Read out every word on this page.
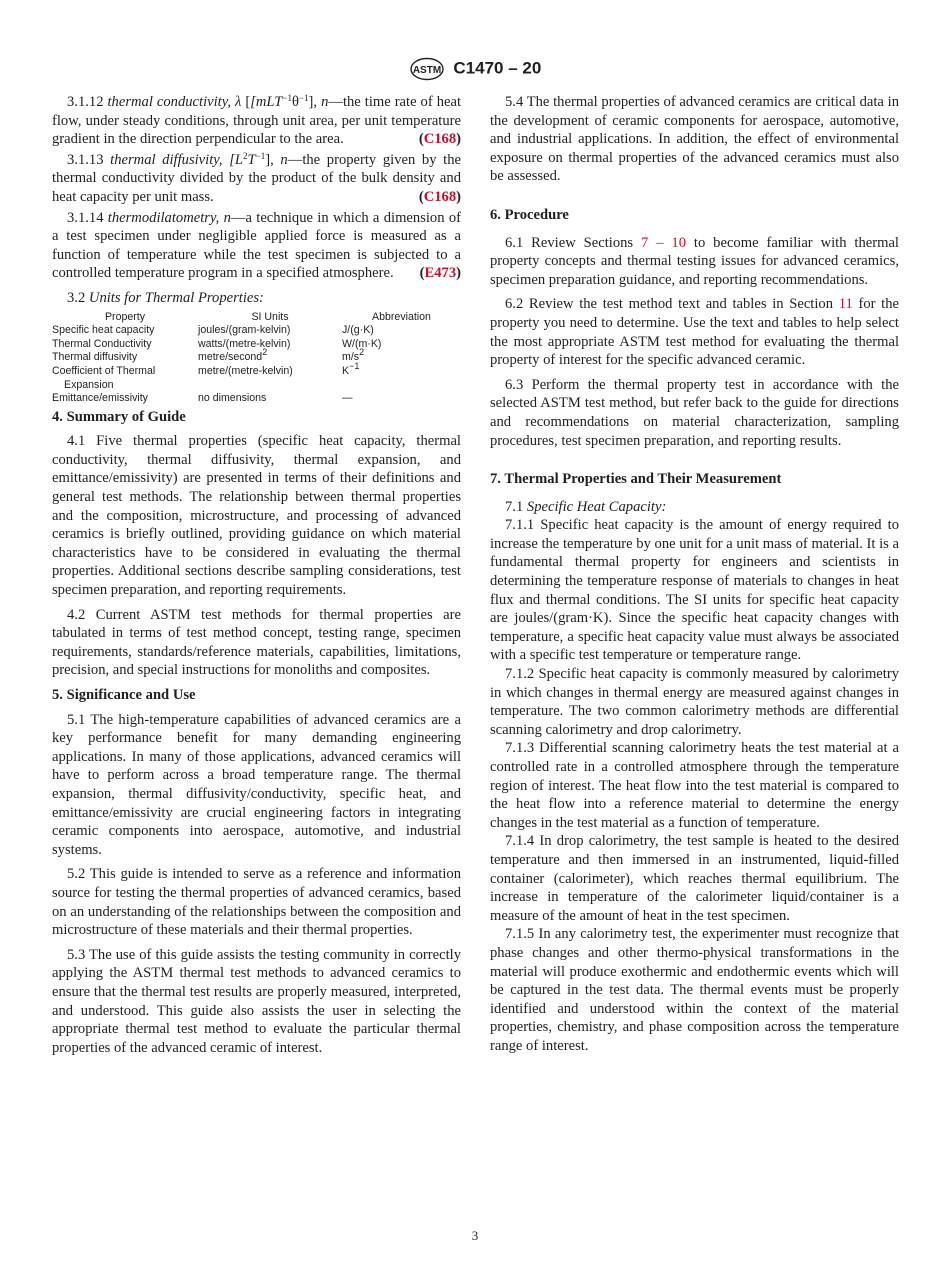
ASTM C1470 – 20

3.1.12 thermal conductivity, λ [$[mLT^{-1}\theta^{-1}]$, n—the time rate of heat flow, under steady conditions, through unit area, per unit temperature gradient in the direction perpendicular to the area.	(C168)

3.1.13 thermal diffusivity, $[L^2T^{-1}]$, n—the property given by the thermal conductivity divided by the product of the bulk density and heat capacity per unit mass.	(C168)

3.1.14 thermodilatometry, n—a technique in which a dimension of a test specimen under negligible applied force is measured as a function of temperature while the test specimen is subjected to a controlled temperature program in a specified atmosphere.	(E473)

3.2 Units for Thermal Properties:

Property	SI Units	Abbreviation
Specific heat capacity	joules/(gram-kelvin)	J/(g·K)
Thermal Conductivity	watts/(metre-kelvin)	W/(m·K)
Thermal diffusivity	metre/second$^2$	$m/s^2$
Coefficient of Thermal
Expansion	metre/(metre-kelvin)	$K^{-1}$
Emittance/emissivity	no dimensions	—
4. Summary of Guide

4.1 Five thermal properties (specific heat capacity, thermal conductivity, thermal diffusivity, thermal expansion, and emittance/emissivity) are presented in terms of their definitions and general test methods. The relationship between thermal properties and the composition, microstructure, and processing of advanced ceramics is briefly outlined, providing guidance on which material characteristics have to be considered in evaluating the thermal properties. Additional sections describe sampling considerations, test specimen preparation, and reporting requirements.

4.2 Current ASTM test methods for thermal properties are tabulated in terms of test method concept, testing range, specimen requirements, standards/reference materials, capabilities, limitations, precision, and special instructions for monoliths and composites.

5. Significance and Use

5.1 The high-temperature capabilities of advanced ceramics are a key performance benefit for many demanding engineering applications. In many of those applications, advanced ceramics will have to perform across a broad temperature range. The thermal expansion, thermal diffusivity/conductivity, specific heat, and emittance/emissivity are crucial engineering factors in integrating ceramic components into aerospace, automotive, and industrial systems.

5.2 This guide is intended to serve as a reference and information source for testing the thermal properties of advanced ceramics, based on an understanding of the relationships between the composition and microstructure of these materials and their thermal properties.

5.3 The use of this guide assists the testing community in correctly applying the ASTM thermal test methods to advanced ceramics to ensure that the thermal test results are properly measured, interpreted, and understood. This guide also assists the user in selecting the appropriate thermal test method to evaluate the particular thermal properties of the advanced ceramic of interest.

5.4 The thermal properties of advanced ceramics are critical data in the development of ceramic components for aerospace, automotive, and industrial applications. In addition, the effect of environmental exposure on thermal properties of the advanced ceramics must also be assessed.

6. Procedure

6.1 Review Sections 7 – 10 to become familiar with thermal property concepts and thermal testing issues for advanced ceramics, specimen preparation guidance, and reporting recommendations.

6.2 Review the test method text and tables in Section 11 for the property you need to determine. Use the text and tables to help select the most appropriate ASTM test method for evaluating the thermal property of interest for the specific advanced ceramic.

6.3 Perform the thermal property test in accordance with the selected ASTM test method, but refer back to the guide for directions and recommendations on material characterization, sampling procedures, test specimen preparation, and reporting results.

7. Thermal Properties and Their Measurement

7.1 Specific Heat Capacity:

7.1.1 Specific heat capacity is the amount of energy required to increase the temperature by one unit for a unit mass of material. It is a fundamental thermal property for engineers and scientists in determining the temperature response of materials to changes in heat flux and thermal conditions. The SI units for specific heat capacity are joules/(gram·K). Since the specific heat capacity changes with temperature, a specific heat capacity value must always be associated with a specific test temperature or temperature range.

7.1.2 Specific heat capacity is commonly measured by calorimetry in which changes in thermal energy are measured against changes in temperature. The two common calorimetry methods are differential scanning calorimetry and drop calorimetry.

7.1.3 Differential scanning calorimetry heats the test material at a controlled rate in a controlled atmosphere through the temperature region of interest. The heat flow into the test material is compared to the heat flow into a reference material to determine the energy changes in the test material as a function of temperature.

7.1.4 In drop calorimetry, the test sample is heated to the desired temperature and then immersed in an instrumented, liquid-filled container (calorimeter), which reaches thermal equilibrium. The increase in temperature of the calorimeter liquid/container is a measure of the amount of heat in the test specimen.

7.1.5 In any calorimetry test, the experimenter must recognize that phase changes and other thermo-physical transformations in the material will produce exothermic and endothermic events which will be captured in the test data. The thermal events must be properly identified and understood within the context of the material properties, chemistry, and phase composition across the temperature range of interest.

3
